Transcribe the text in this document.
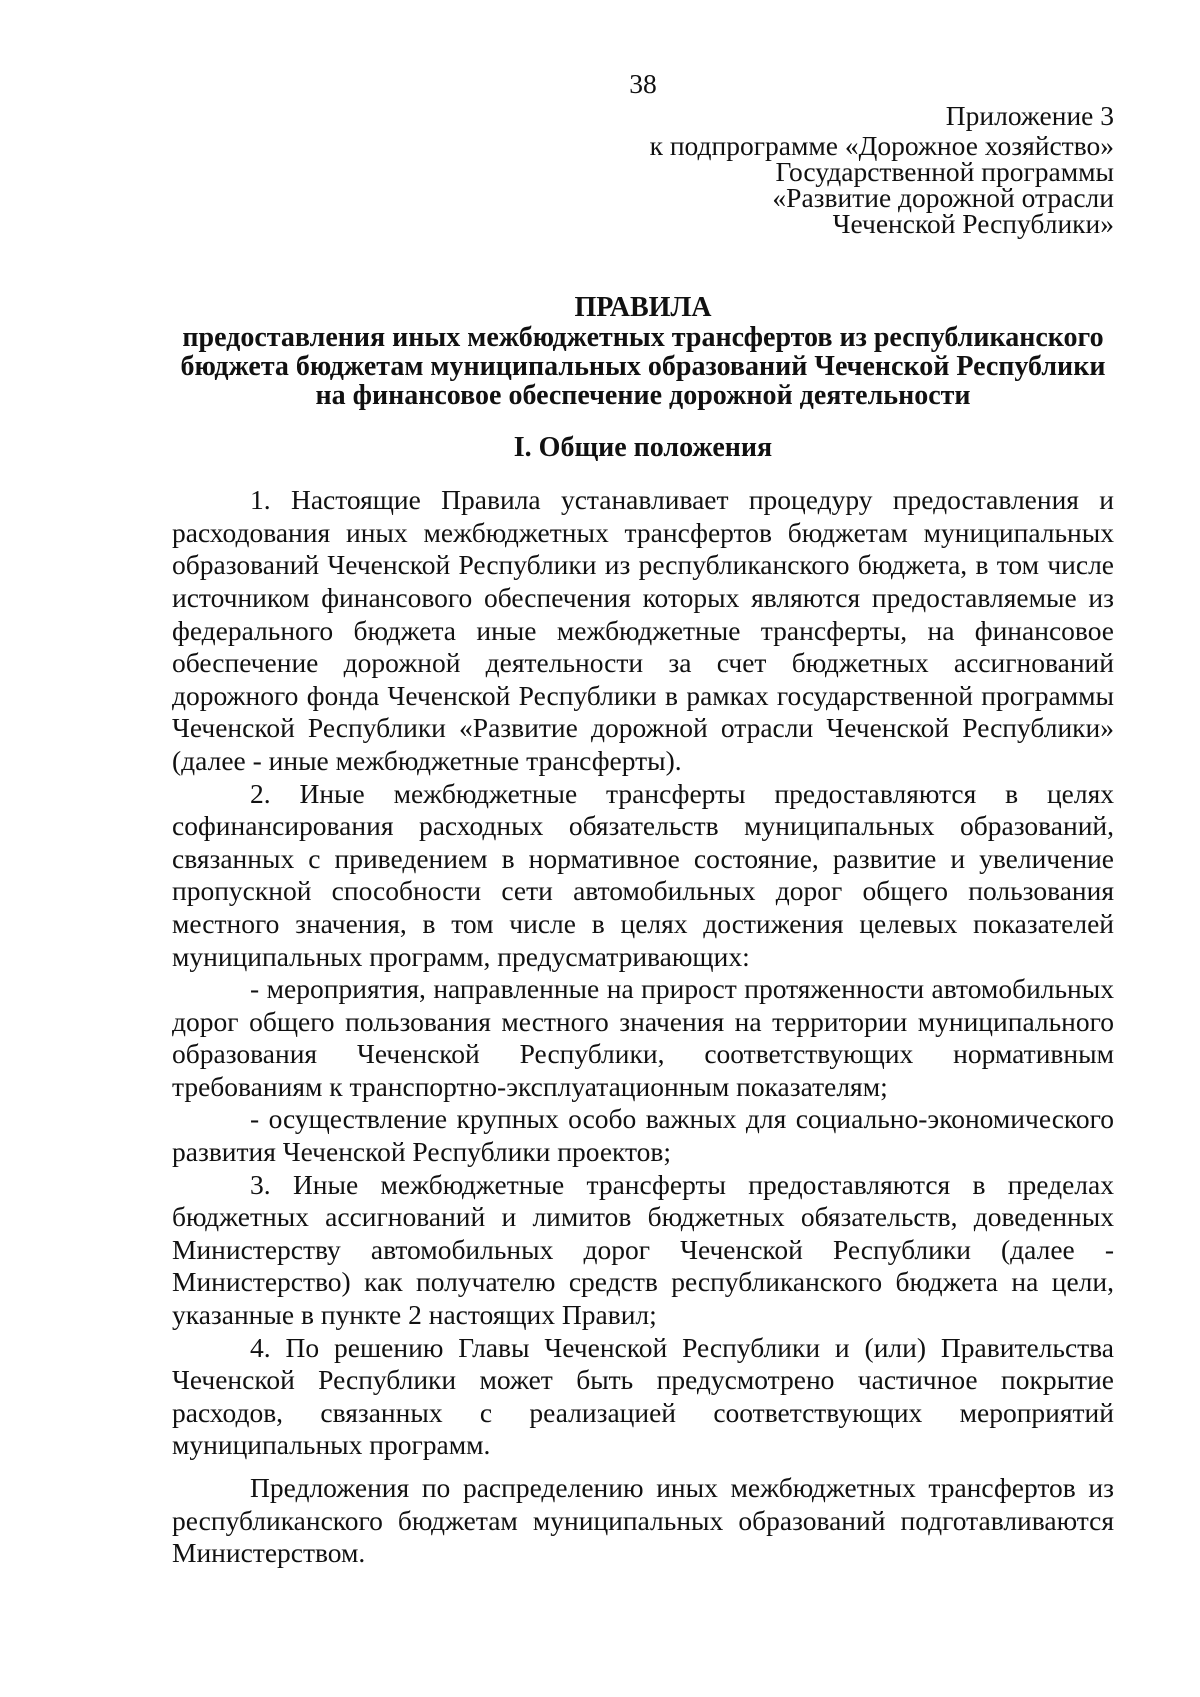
38
Приложение 3
к подпрограмме «Дорожное хозяйство»
Государственной программы
«Развитие дорожной отрасли
Чеченской Республики»
ПРАВИЛА
предоставления иных межбюджетных трансфертов из республиканского
бюджета бюджетам муниципальных образований Чеченской Республики
на финансовое обеспечение дорожной деятельности
I. Общие положения

1. Настоящие Правила устанавливает процедуру предоставления и расходования иных межбюджетных трансфертов бюджетам муниципальных образований Чеченской Республики из республиканского бюджета, в том числе источником финансового обеспечения которых являются предоставляемые из федерального бюджета иные межбюджетные трансферты, на финансовое обеспечение дорожной деятельности за счет бюджетных ассигнований дорожного фонда Чеченской Республики в рамках государственной программы Чеченской Республики «Развитие дорожной отрасли Чеченской Республики» (далее - иные межбюджетные трансферты).

2. Иные межбюджетные трансферты предоставляются в целях софинансирования расходных обязательств муниципальных образований, связанных с приведением в нормативное состояние, развитие и увеличение пропускной способности сети автомобильных дорог общего пользования местного значения, в том числе в целях достижения целевых показателей муниципальных программ, предусматривающих:

- мероприятия, направленные на прирост протяженности автомобильных дорог общего пользования местного значения на территории муниципального образования Чеченской Республики, соответствующих нормативным требованиям к транспортно-эксплуатационным показателям;

- осуществление крупных особо важных для социально-экономического развития Чеченской Республики проектов;

3. Иные межбюджетные трансферты предоставляются в пределах бюджетных ассигнований и лимитов бюджетных обязательств, доведенных Министерству автомобильных дорог Чеченской Республики (далее - Министерство) как получателю средств республиканского бюджета на цели, указанные в пункте 2 настоящих Правил;

4. По решению Главы Чеченской Республики и (или) Правительства Чеченской Республики может быть предусмотрено частичное покрытие расходов, связанных с реализацией соответствующих мероприятий муниципальных программ.

Предложения по распределению иных межбюджетных трансфертов из республиканского бюджетам муниципальных образований подготавливаются Министерством.
